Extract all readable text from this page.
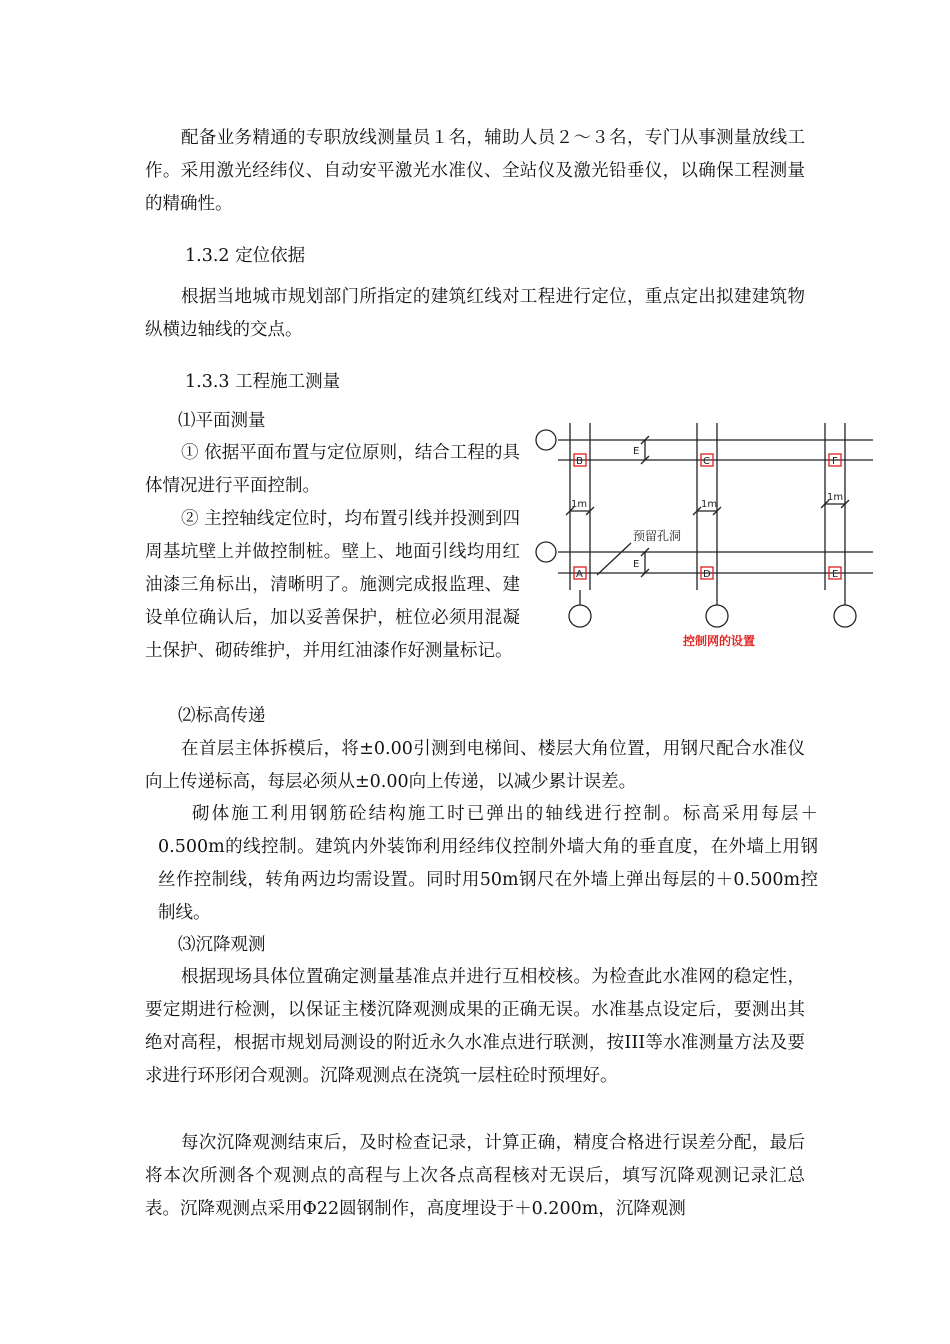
配备业务精通的专职放线测量员１名，辅助人员２～３名，专门从事测量放线工作。采用激光经纬仪、自动安平激光水准仪、全站仪及激光铅垂仪，以确保工程测量的精确性。

1.3.2 定位依据

根据当地城市规划部门所指定的建筑红线对工程进行定位，重点定出拟建建筑物纵横边轴线的交点。

1.3.3 工程施工测量

⑴平面测量

① 依据平面布置与定位原则，结合工程的具体情况进行平面控制。

② 主控轴线定位时，均布置引线并投测到四周基坑壁上并做控制桩。壁上、地面引线均用红油漆三角标出，清晰明了。施测完成报监理、建设单位确认后，加以妥善保护，桩位必须用混凝土保护、砌砖维护，并用红油漆作好测量标记。

⑵标高传递

在首层主体拆模后，将±0.00引测到电梯间、楼层大角位置，用钢尺配合水准仪向上传递标高，每层必须从±0.00向上传递，以减少累计误差。

砌体施工利用钢筋砼结构施工时已弹出的轴线进行控制。标高采用每层＋0.500m的线控制。建筑内外装饰利用经纬仪控制外墙大角的垂直度，在外墙上用钢丝作控制线，转角两边均需设置。同时用50m钢尺在外墙上弹出每层的＋0.500m控制线。

⑶沉降观测

根据现场具体位置确定测量基准点并进行互相校核。为检查此水准网的稳定性，要定期进行检测，以保证主楼沉降观测成果的正确无误。水准基点设定后，要测出其绝对高程，根据市规划局测设的附近永久水准点进行联测，按III等水准测量方法及要求进行环形闭合观测。沉降观测点在浇筑一层柱砼时预埋好。

每次沉降观测结束后，及时检查记录，计算正确，精度合格进行误差分配，最后将本次所测各个观测点的高程与上次各点高程核对无误后，填写沉降观测记录汇总表。沉降观测点采用Φ22圆钢制作，高度埋设于＋0.200m，沉降观测

B	C	F
A	D	E
1m	1m
1m
E
E
预留孔洞
控制网的设置
